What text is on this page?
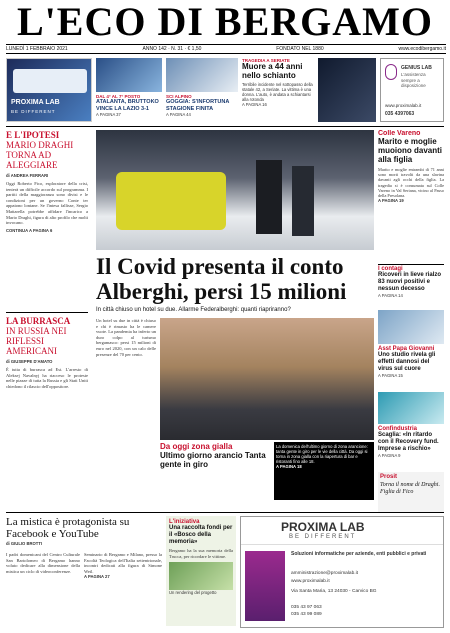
L'ECO DI BERGAMO
LUNEDÌ 1 FEBBRAIO 2021	ANNO 142 · N. 31 · € 1,50	FONDATO NEL 1880	www.ecodibergamo.it
PROXIMA LAB
BE DIFFERENT
DAL 4° AL 7° POSTO
ATALANTA, BRUTTOKO VINCE LA LAZIO 3-1
A PAGINA 37
SCI ALPINO
GOGGIA: S'INFORTUNA STAGIONE FINITA
A PAGINA 44
TRAGEDIA A SERIATE
Muore a 44 anni nello schianto
Terribile incidente nel sottopasso della statale 42, a Seriate. La vittima è una donna. L'auto, è andata a schiantarsi alla rotonda
A PAGINA 16
GENIUS LAB
L'assistenza sempre a disposizione
www.proximalab.it
035 4397063
E L'IPOTESI
MARIO DRAGHI TORNA AD ALEGGIARE
di ANDREA FERRARI
Oggi Roberto Fico, esploratore della crisi, tenterà un difficile accordo sul programma. I partiti della maggioranza sono divisi e le condizioni per un governo Conte ter appaiono lontane. Se l'intesa fallisse, Sergio Mattarella potrebbe affidare l'incarico a Mario Draghi, figura di alto profilo che molti invocano.
CONTINUA A PAGINA 6
Colle Vareno
Marito e moglie muoiono davanti alla figlia
Marito e moglie entrambi di 71 anni sono morti travolti da una slavina davanti agli occhi della figlia. La tragedia si è consumata sul Colle Vareno in Val Seriana, vicino al Passo della Presolana.
A PAGINA 19
Il Covid presenta il conto
Alberghi, persi 15 milioni
In città chiuso un hotel su due. Allarme Federalberghi: quanti riapriranno?
I contagi
Ricoveri in lieve rialzo 83 nuovi positivi e nessun decesso
A PAGINA 14
Asst Papa Giovanni
Uno studio rivela gli effetti dannosi del virus sul cuore
A PAGINA 15
Confindustria
Scaglia: «In ritardo con il Recovery fund. Imprese a rischio»
A PAGINA 9
Prosit
Torna il nome di Draghi. Figlia di Fico
LA BURRASCA
IN RUSSIA NEI RIFLESSI AMERICANI
di GIUSEPPE D'AMATO
È tutta di burrasca ad Est. L'arresto di Aleksej Navalnyj ha riacceso le proteste nelle piazze di tutta la Russia e gli Stati Uniti chiedono il rilascio dell'oppositore.
Un hotel su due in città è chiuso e chi è rimasto ha le camere vuote. La pandemia ha inferto un duro colpo al turismo bergamasco: persi 15 milioni di euro nel 2020, con un calo delle presenze del 70 per cento.
Da oggi zona gialla
Ultimo giorno arancio Tanta gente in giro
La domenica dell'ultimo giorno di zona arancione: tanta gente in giro per le vie della città. Da oggi si torna in zona gialla con la riapertura di bar e ristoranti fino alle 18.
A PAGINA 18
La mistica è protagonista su Facebook e YouTube
di GIULIO BROTTI
I padri domenicani del Centro Culturale San Bartolomeo di Bergamo hanno voluto dedicare alla dimensione della mistica un ciclo di videoconferenze.
Seminario di Bergamo e Milano, presso la Facoltà Teologica dell'Italia settentrionale, incontri dedicati alla figura di Simone Weil.
A PAGINA 27
L'iniziativa
Una raccolta fondi per il «Bosco della memoria»
Bergamo ha la sua memoria della Trucca, per ricordare le vittime.
Un rendering del progetto
PROXIMA LAB
BE DIFFERENT
Soluzioni informatiche per aziende, enti pubblici e privati
amministrazione@proximalab.it
www.proximalab.it
Via Santa Maria, 13 24030 - Carvico BG
035 43 97 063
035 43 99 089
